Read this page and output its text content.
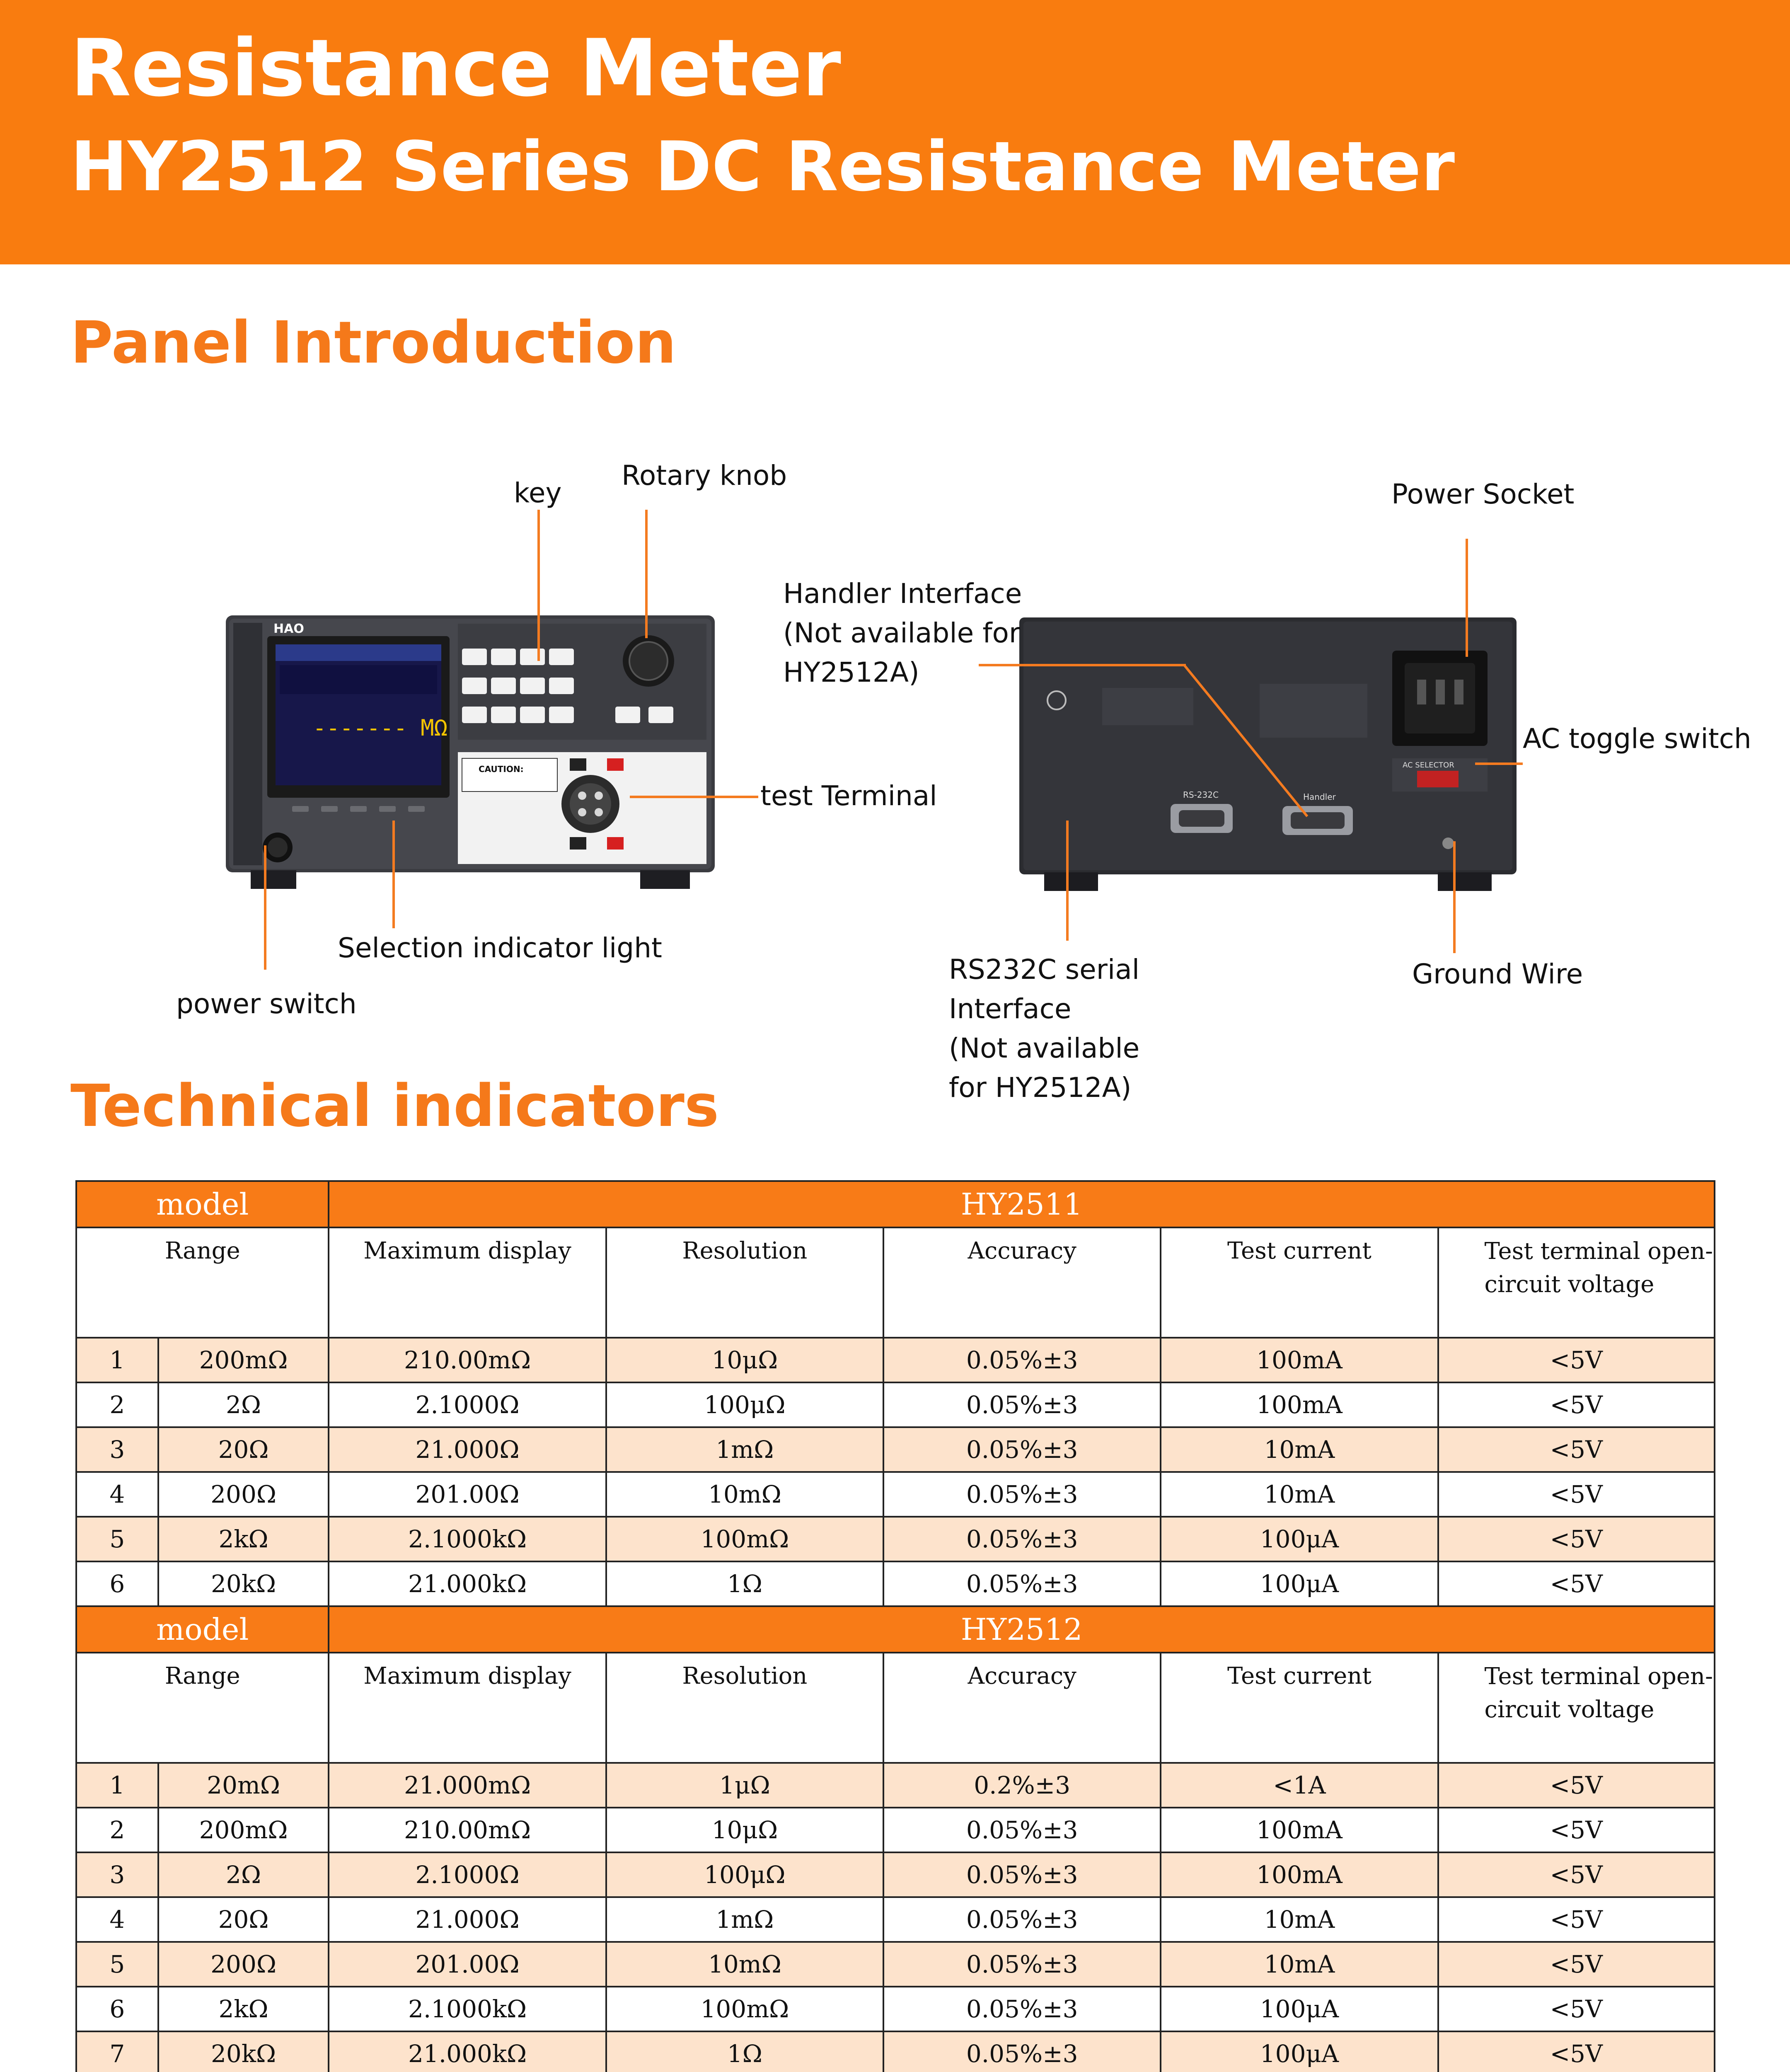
Resistance Meter
HY2512 Series DC Resistance Meter
Panel Introduction
------- MΩ
HAO
CAUTION:	AC SELECTOR
RS-232C	Handler
key
Rotary knob
Power Socket
Handler Interface
(Not available for
HY2512A)
AC toggle switch
test Terminal
Selection indicator light
power switch
RS232C serial
Interface
(Not available
for HY2512A)
Ground Wire
Technical indicators
model		HY2511				
Range		Maximum display	Resolution	Accuracy	Test current	Test terminal open-circuit voltage
1	200mΩ	210.00mΩ	10μΩ	0.05%±3	100mA	<5V
2	2Ω	2.1000Ω	100μΩ	0.05%±3	100mA	<5V
3	20Ω	21.000Ω	1mΩ	0.05%±3	10mA	<5V
4	200Ω	201.00Ω	10mΩ	0.05%±3	10mA	<5V
5	2kΩ	2.1000kΩ	100mΩ	0.05%±3	100μA	<5V
6	20kΩ	21.000kΩ	1Ω	0.05%±3	100μA	<5V
model		HY2512				
Range		Maximum display	Resolution	Accuracy	Test current	Test terminal open-circuit voltage
1	20mΩ	21.000mΩ	1μΩ	0.2%±3	<1A	<5V
2	200mΩ	210.00mΩ	10μΩ	0.05%±3	100mA	<5V
3	2Ω	2.1000Ω	100μΩ	0.05%±3	100mA	<5V
4	20Ω	21.000Ω	1mΩ	0.05%±3	10mA	<5V
5	200Ω	201.00Ω	10mΩ	0.05%±3	10mA	<5V
6	2kΩ	2.1000kΩ	100mΩ	0.05%±3	100μA	<5V
7	20kΩ	21.000kΩ	1Ω	0.05%±3	100μA	<5V
